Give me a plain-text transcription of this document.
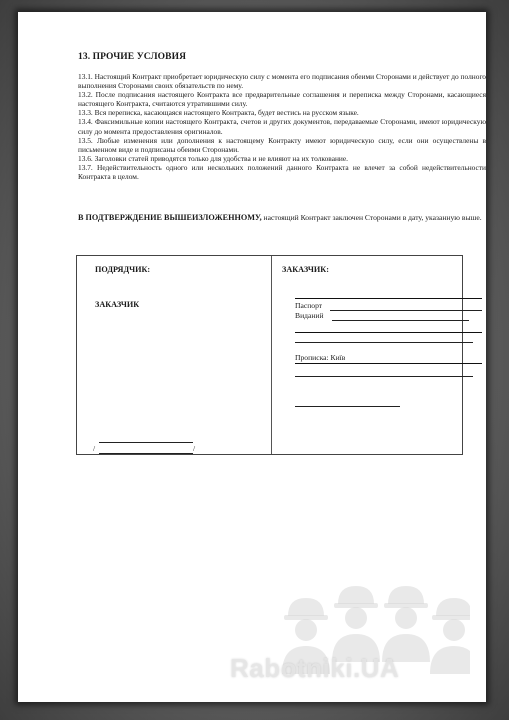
13. ПРОЧИЕ УСЛОВИЯ

13.1. Настоящий Контракт приобретает юридическую силу с момента его подписания обеими Сторонами и действует до полного выполнения Сторонами своих обязательств по нему.

13.2. После подписания настоящего Контракта все предварительные соглашения и переписка между Сторонами, касающиеся настоящего Контракта, считаются утратившими силу.

13.3. Вся переписка, касающаяся настоящего Контракта, будет вестись на русском языке.

13.4. Факсимильные копии настоящего Контракта, счетов и других документов, передаваемые Сторонами, имеют юридическую силу до момента предоставления оригиналов.

13.5. Любые изменения или дополнения к настоящему Контракту имеют юридическую силу, если они осуществлены в письменном виде и подписаны обеими Сторонами.

13.6. Заголовки статей приводятся только для удобства и не влияют на их толкование.

13.7. Недействительность одного или нескольких положений данного Контракта не влечет за собой недействительности Контракта в целом.

В ПОДТВЕРЖДЕНИЕ ВЫШЕИЗЛОЖЕННОМУ, настоящий Контракт заключен Сторонами в дату, указанную выше.
ПОДРЯДЧИК:
ЗАКАЗЧИК
/	/
ЗАКАЗЧИК:
Паспорт
Виданий
Прописка: Київ
Rabotniki.UA
